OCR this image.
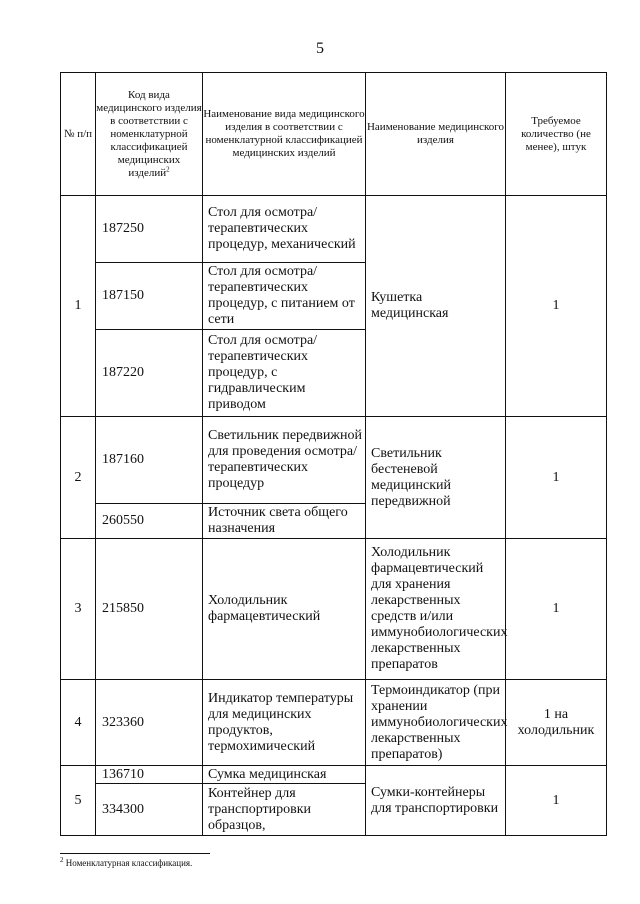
5
№ п/п	Код вида медицинского изделия в соответствии с номенклатурной классификацией медицинских изделий$^2$	Наименование вида медицинского изделия в соответствии с номенклатурной классификацией медицинских изделий	Наименование медицинского изделия	Требуемое количество (не менее), штук
1	187250	Стол для осмотра/терапевтических процедур, механический	Кушетка медицинская	1
	187150	Стол для осмотра/терапевтических процедур, с питанием от сети		
	187220	Стол для осмотра/терапевтических процедур, с гидравлическим приводом		
2	187160	Светильник передвижной для проведения осмотра/терапевтических процедур	Светильник бестеневой медицинский передвижной	1
	260550	Источник света общего назначения		
3	215850	Холодильник фармацевтический	Холодильник фармацевтический для хранения лекарственных средств и/или иммунобиологических лекарственных препаратов	1
4	323360	Индикатор температуры для медицинских продуктов, термохимический	Термоиндикатор (при хранении иммунобиологических лекарственных препаратов)	1 на холодильник
5	136710	Сумка медицинская	Сумки-контейнеры для транспортировки	1
	334300	Контейнер для транспортировки образцов,		
$^2$ Номенклатурная классификация.
